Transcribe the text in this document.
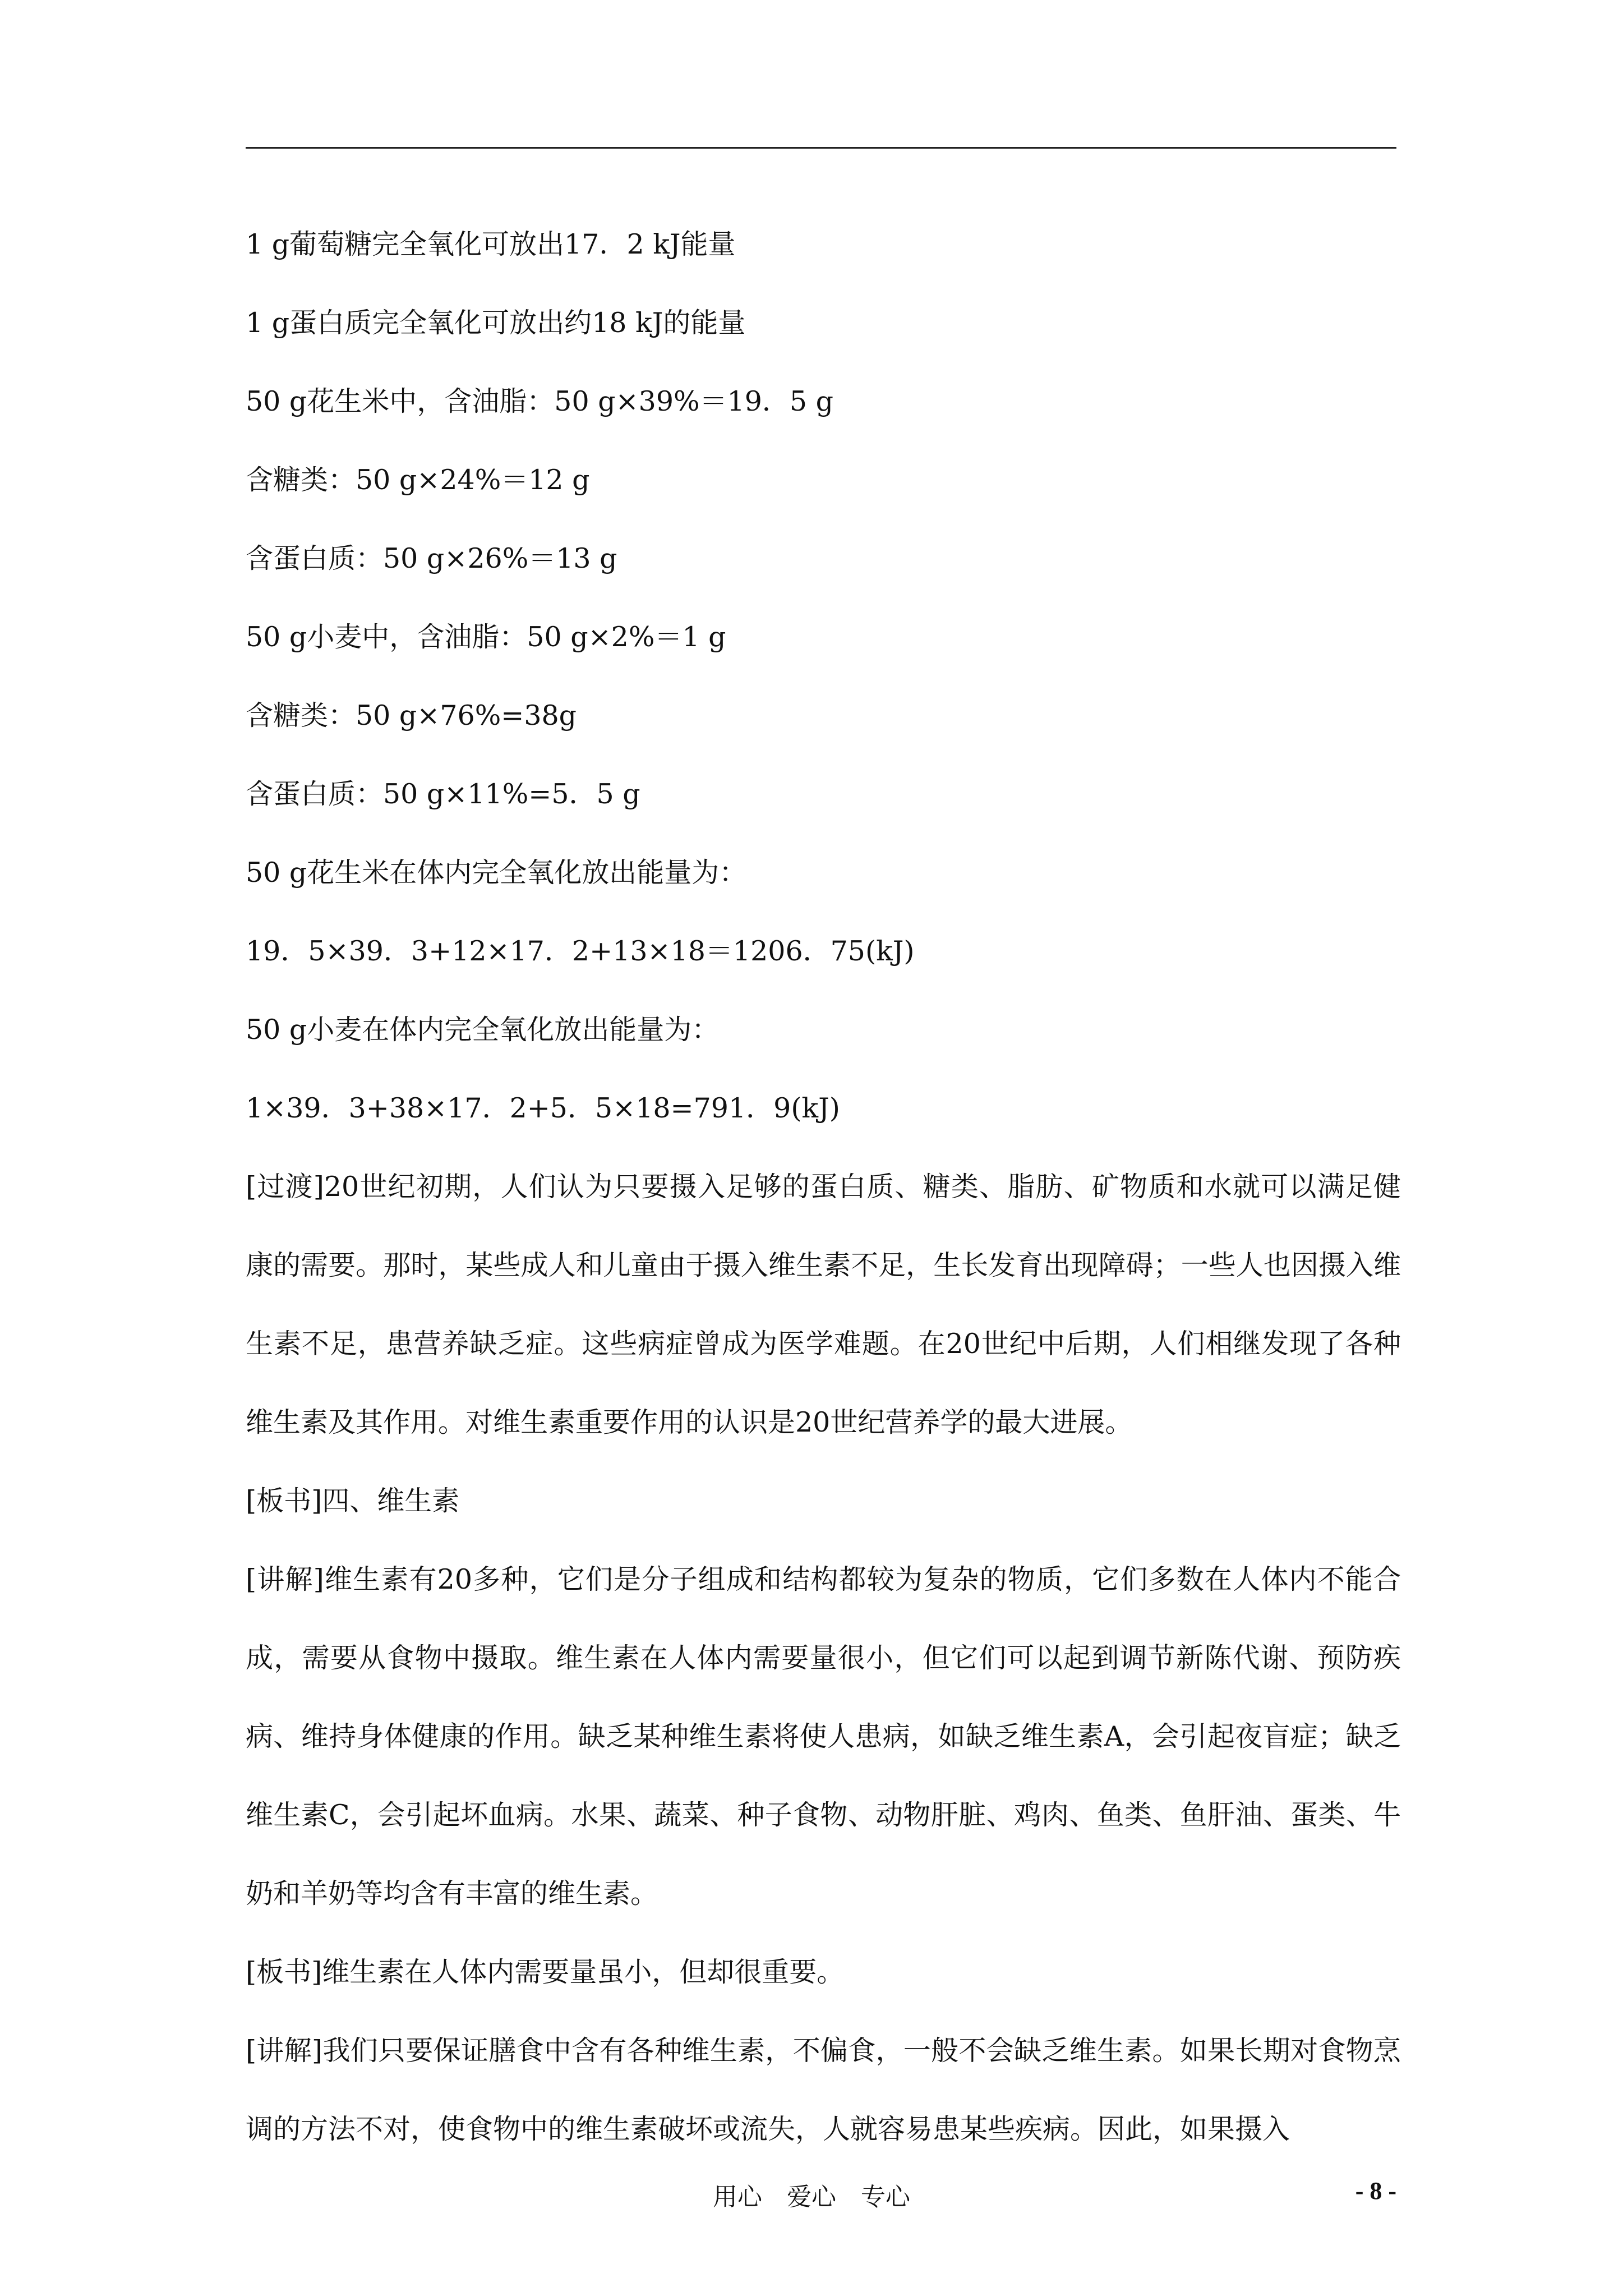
1 g葡萄糖完全氧化可放出17．2 kJ能量
1 g蛋白质完全氧化可放出约18 kJ的能量
50 g花生米中，含油脂：50 g×39%＝19．5 g
含糖类：50 g×24%＝12 g
含蛋白质：50 g×26%＝13 g
50 g小麦中，含油脂：50 g×2%＝1 g
含糖类：50 g×76%=38g
含蛋白质：50 g×11%=5．5 g
50 g花生米在体内完全氧化放出能量为：
19．5×39．3+12×17．2+13×18＝1206．75(kJ)
50 g小麦在体内完全氧化放出能量为：
1×39．3+38×17．2+5．5×18=791．9(kJ)

[过渡]20世纪初期，人们认为只要摄入足够的蛋白质、糖类、脂肪、矿物质和水就可以满足健康的需要。那时，某些成人和儿童由于摄入维生素不足，生长发育出现障碍；一些人也因摄入维生素不足，患营养缺乏症。这些病症曾成为医学难题。在20世纪中后期，人们相继发现了各种维生素及其作用。对维生素重要作用的认识是20世纪营养学的最大进展。

[板书]四、维生素

[讲解]维生素有20多种，它们是分子组成和结构都较为复杂的物质，它们多数在人体内不能合成，需要从食物中摄取。维生素在人体内需要量很小，但它们可以起到调节新陈代谢、预防疾病、维持身体健康的作用。缺乏某种维生素将使人患病，如缺乏维生素A，会引起夜盲症；缺乏维生素C，会引起坏血病。水果、蔬菜、种子食物、动物肝脏、鸡肉、鱼类、鱼肝油、蛋类、牛奶和羊奶等均含有丰富的维生素。

[板书]维生素在人体内需要量虽小，但却很重要。

[讲解]我们只要保证膳食中含有各种维生素，不偏食，一般不会缺乏维生素。如果长期对食物烹调的方法不对，使食物中的维生素破坏或流失，人就容易患某些疾病。因此，如果摄入

用心　爱心　专心	- 8 -
